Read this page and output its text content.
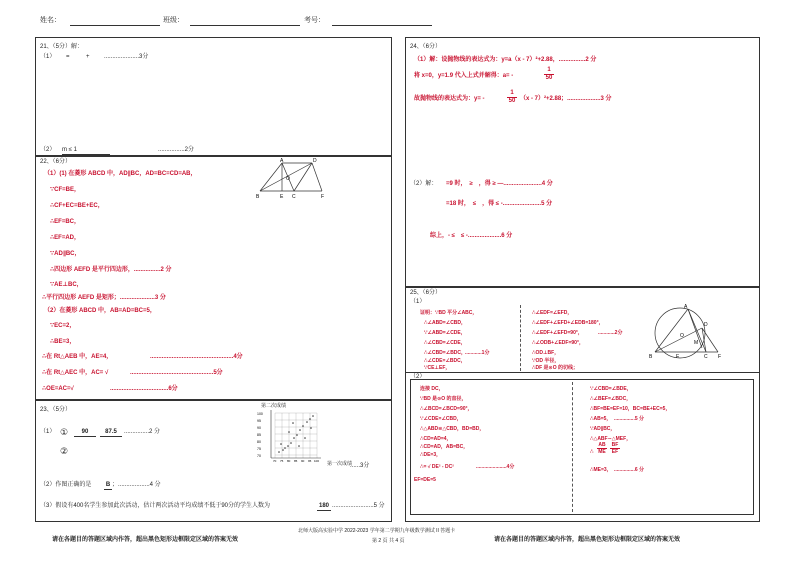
姓名：	班级：	考号：
21、（5分）解：
（1） =	+ .....................3分
（2） m ≤ 1	................2分
22、（6分）
（1）(1) 在菱形 ABCD 中，AD∥BC，AD=BC=CD=AB，
∵CF=BE，
∴CF+EC=BE+EC，
∴EF=BC，
∴EF=AD，
∵AD∥BC，
∴四边形 AEFD 是平行四边形，................2 分
∵AE⊥BC，
∴平行四边形 AEFD 是矩形；.....................3 分
（2）在菱形 ABCD 中，AB=AD=BC=5，
∵EC=2，
∴BE=3，
∴在 Rt△AEB 中，AE=4，	..................................................4分
∴在 Rt△AEC 中，AC= √	..................................................5分
∴OE=AC=√	...................................6分
A	D
B	E C	F
O
23、（5分）
（1） ①	90	87.5	...............2 分
②
（2）作图正确的是	B ；...................4 分
（3）假设有400名学生参加此次活动，估计两次活动平均成绩不低于90分的学生人数为	180 .........................5 分
......3分
第二次成绩
第一次成绩
100
95
90
85
80
75
70
70 75 80 85 90 95 100
24、（6分）
（1）解：设抛物线的表达式为：y=a（x - 7）²+2.88，................2 分
将 x=0，y=1.9 代入上式并解得：a= -	$\frac{1}{50}$
故抛物线的表达式为：y= -	$\frac{1}{50} (x - 7)^2+2.88$；....................3 分
（2）解： =9 时，　≥　，得 ≥ —.......................4 分
=18 时，　≤　，得 ≤ -.......................5 分
综上，- ≤　≤ -....................6 分
25、（6分）
（1）
证明：∵BD 平分∠ABC，
∴∠ABD=∠CBD，
∵∠ABD=∠CDE，
∴∠CBD=∠CDE，
∴∠CBD=∠BDC，
∴∠CDE=∠BDC，
............1分
∵CE⊥EF，
∴∠EDF=∠EFD，
∴∠EDF+∠EFD+∠EDB=180°，
∴∠EDF+∠EFD=90°，	............2分
∴∠ODB+∠EDF=90°，
∴OD⊥BF，
∵OD 半径，
∴DF 是⊙O 的切线；
A
O
D
B	E	C F
M
（2）
连接 DC，
∵BD 是⊙O 的直径，
∴∠BCD=∠BCD=90°，
∵∠CDE=∠CBD，
∴△ABD≌△CBD，BD=BD，
∴CD=AD=4，
∴CD=AD，AB=BC，
∴DE=3，
∴= √ DE² - DC²	......................4分
EF=DE=5
∵∠CBD=∠BDE，
∴∠BEF=∠BDC，
∴BF=BE=EF=10，BC=BE+EC=5，
∴AB=5， ...............5 分
∵AD∥BC，
∴△ABF∽△MEF，
∴ $\frac{AB}{ME} \frac{BF}{EF}$
∴ME=3， ...............6 分
请在各题目的答题区域内作答，超出黑色矩形边框限定区域的答案无效
北师大版高实验中学 2022-2023 学年第二学期九年级数学测试 II 答题卡
第 2 页 共 4 页	请在各题目的答题区域内作答，超出黑色矩形边框限定区域的答案无效
